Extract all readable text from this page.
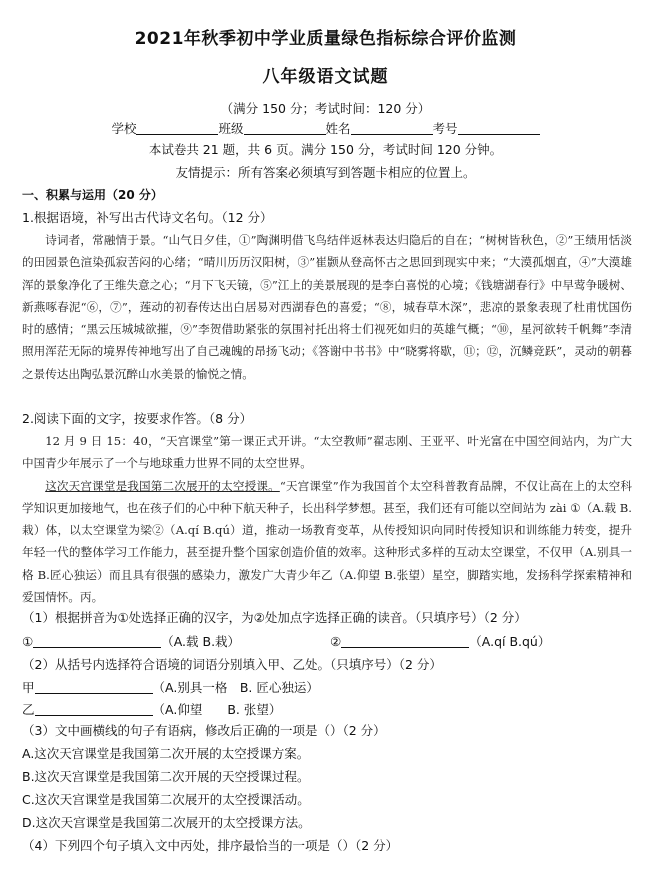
2021年秋季初中学业质量绿色指标综合评价监测
八年级语文试题
（满分 150 分；考试时间：120 分）
学校	班级	姓名	考号
本试卷共 21 题，共 6 页。满分 150 分，考试时间 120 分钟。
友情提示：所有答案必须填写到答题卡相应的位置上。
一、积累与运用（20 分）
1.根据语境，补写出古代诗文名句。（12 分）

诗词者，常融情于景。“山气日夕佳，①”陶渊明借飞鸟结伴返林表达归隐后的自在；“树树皆秋色，②”王绩用恬淡的田园景色渲染孤寂苦闷的心绪；“晴川历历汉阳树，③”崔颢从登高怀古之思回到现实中来；“大漠孤烟直，④”大漠雄浑的景象净化了王维失意之心；“月下飞天镜，⑤”江上的美景展现的是李白喜悦的心境；《钱塘湖春行》中早莺争暖树、新燕啄春泥“⑥，⑦”，莲动的初春传达出白居易对西湖春色的喜爱；“⑧，城春草木深”，悲凉的景象表现了杜甫忧国伤时的感情；“黑云压城城欲摧，⑨”李贺借助紧张的氛围衬托出将士们视死如归的英雄气概；“⑩，星河欲转千帆舞”李清照用浑茫无际的境界传神地写出了自己魂魄的昂扬飞动；《答谢中书书》中“晓雾将歇，⑪；⑫，沉鳞竞跃”，灵动的朝暮之景传达出陶弘景沉醉山水美景的愉悦之情。

2.阅读下面的文字，按要求作答。（8 分）

12 月 9 日 15：40，“天宫课堂”第一课正式开讲。“太空教师”翟志刚、王亚平、叶光富在中国空间站内，为广大中国青少年展示了一个与地球重力世界不同的太空世界。

这次天宫课堂是我国第二次展开的太空授课。“天宫课堂”作为我国首个太空科普教育品牌，不仅让高在上的太空科学知识更加接地气，也在孩子们的心中种下航天种子，长出科学梦想。甚至，我们还有可能以空间站为 zài ①（A.载 B.栽）体，以太空课堂为梁②（A.qí B.qú）道，推动一场教育变革，从传授知识向同时传授知识和训练能力转变，提升年轻一代的整体学习工作能力，甚至提升整个国家创造价值的效率。这种形式多样的互动太空课堂，不仅甲（A.别具一格 B.匠心独运）而且具有很强的感染力，激发广大青少年乙（A.仰望 B.张望）星空，脚踏实地，发扬科学探索精神和爱国情怀。丙。

（1）根据拼音为①处选择正确的汉字，为②处加点字选择正确的读音。（只填序号）（2 分）
①	（A.载 B.栽）	②	（A.qí B.qú）
（2）从括号内选择符合语境的词语分别填入甲、乙处。（只填序号）（2 分）
甲	（A.别具一格　B. 匠心独运）
乙	（A.仰望　　B. 张望）
（3）文中画横线的句子有语病，修改后正确的一项是（）（2 分）
A.这次天宫课堂是我国第二次开展的太空授课方案。
B.这次天宫课堂是我国第二次开展的天空授课过程。
C.这次天宫课堂是我国第二次展开的太空授课活动。
D.这次天宫课堂是我国第二次展开的太空授课方法。
（4）下列四个句子填入文中丙处，排序最恰当的一项是（）（2 分）
